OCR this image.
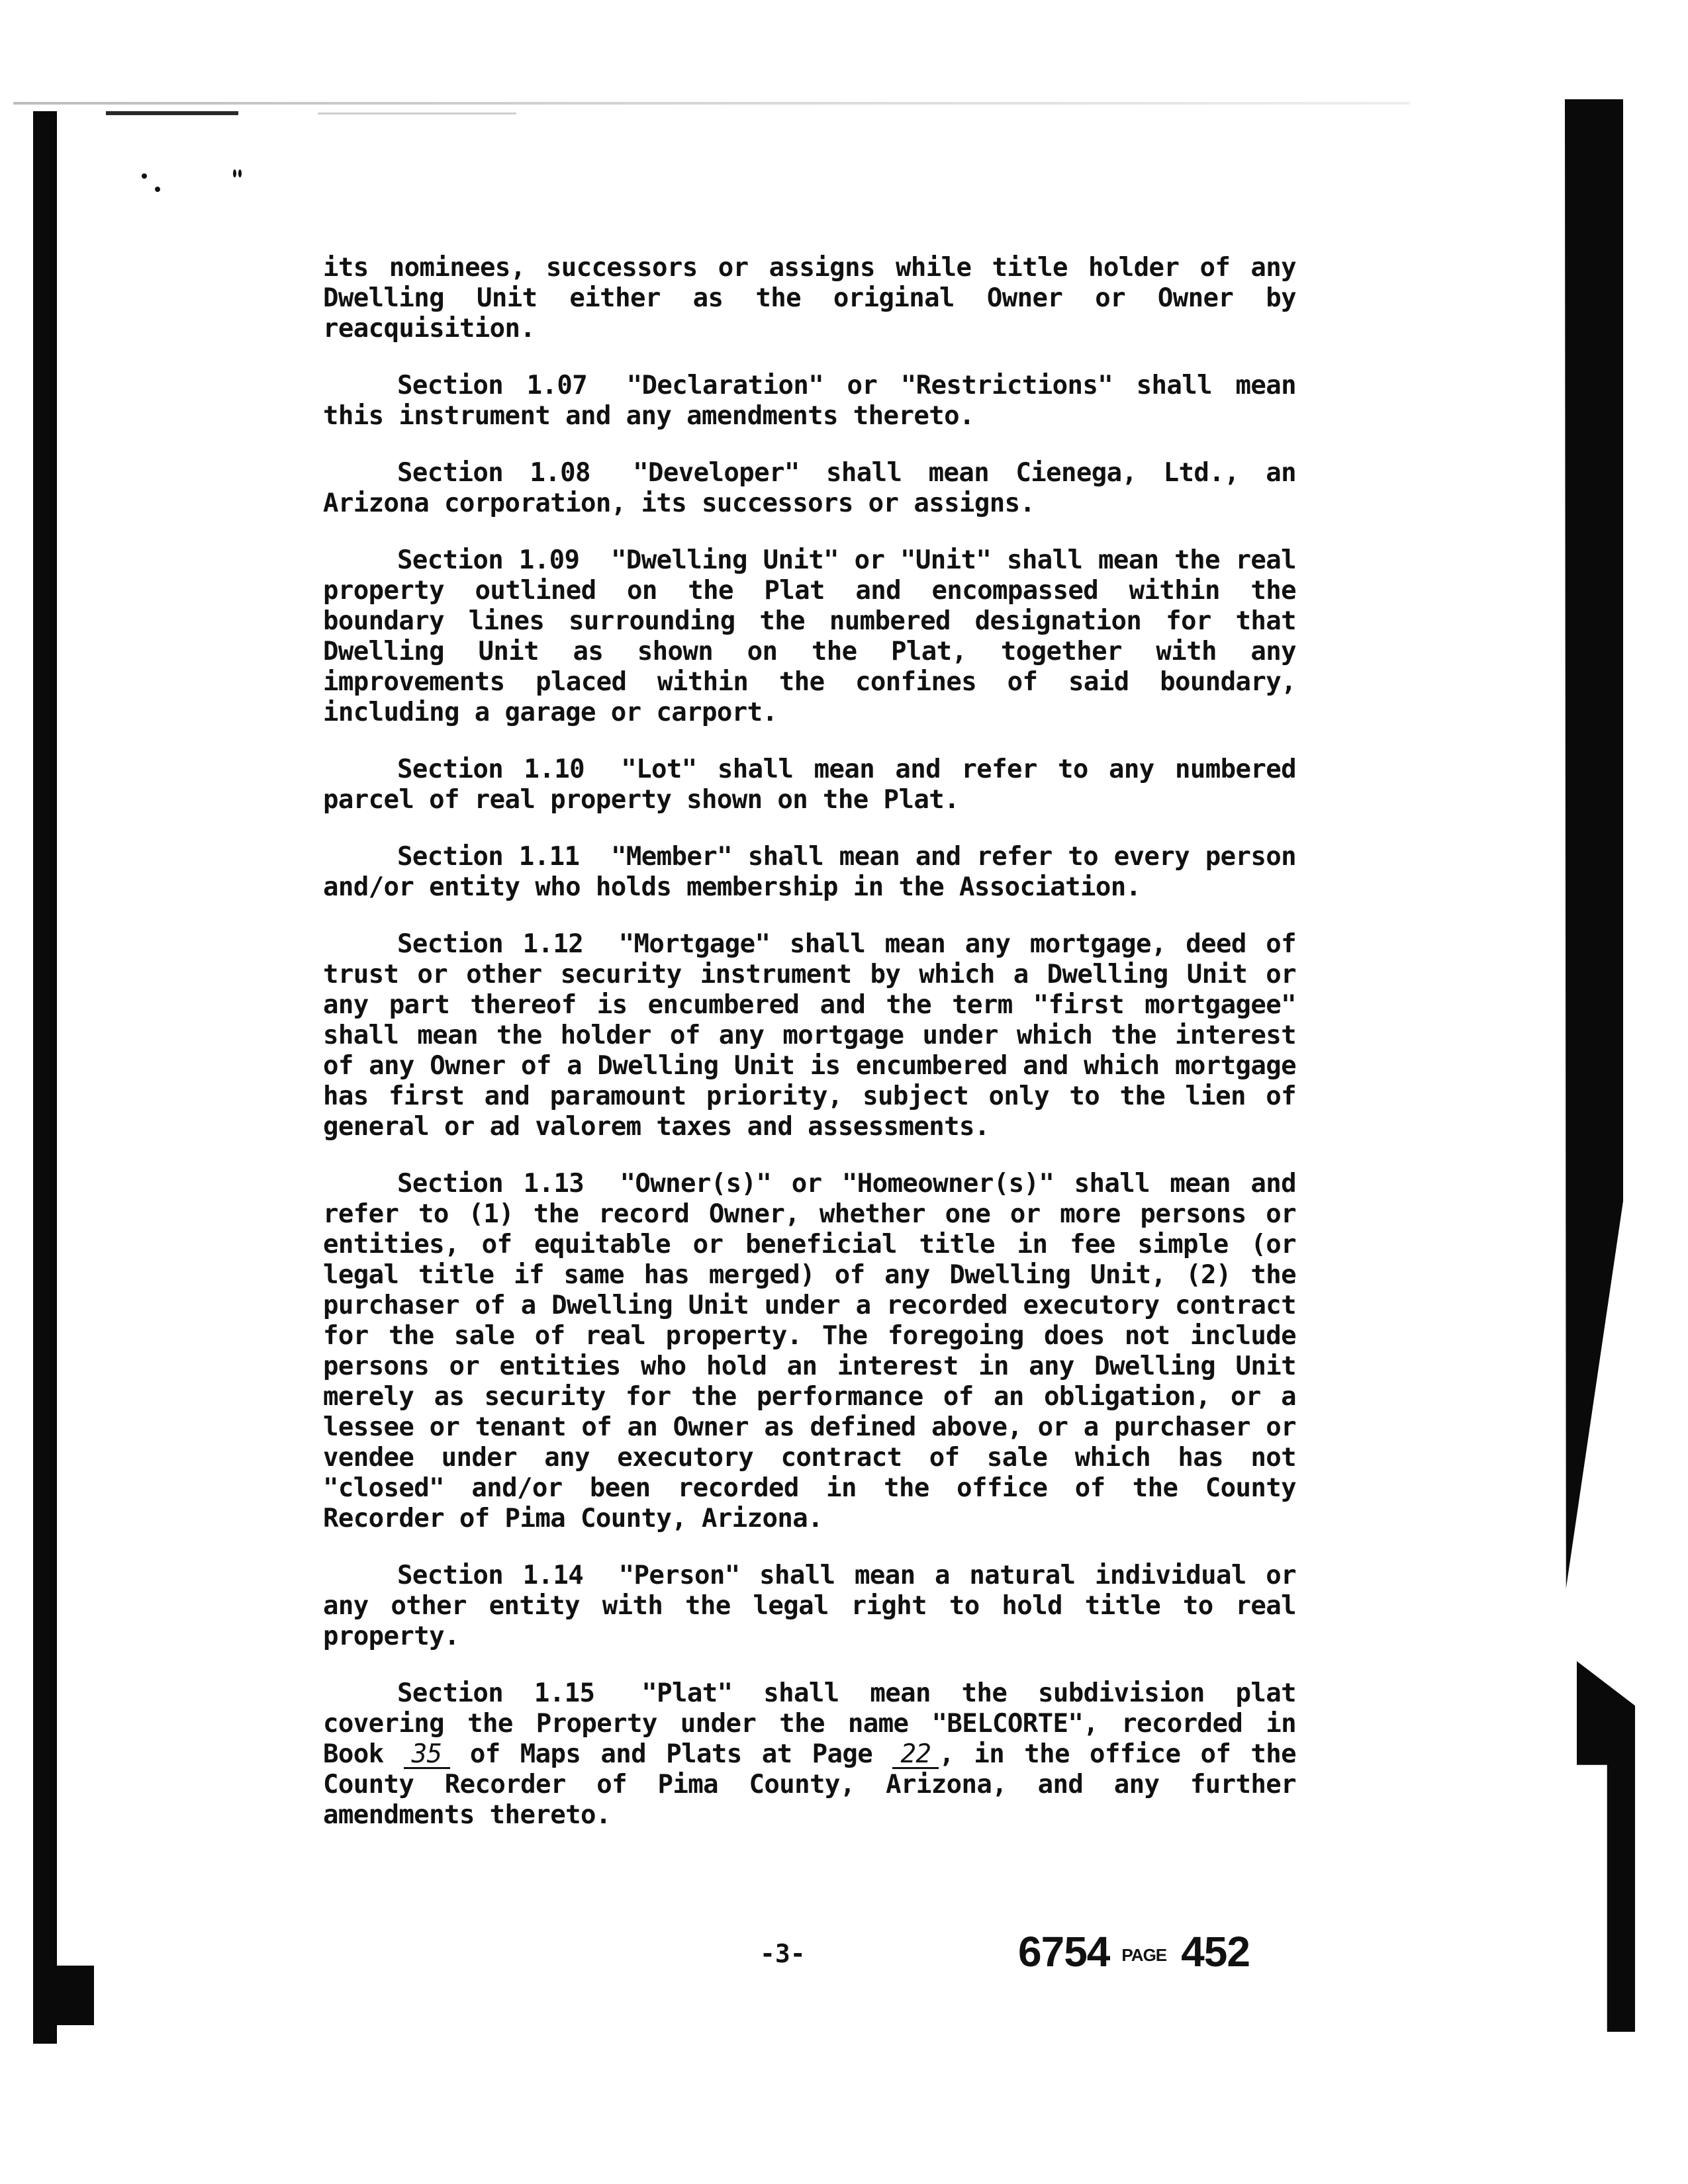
its nominees, successors or assigns while title holder of any Dwelling Unit either as the original Owner or Owner by reacquisition.

Section 1.07 "Declaration" or "Restrictions" shall mean this instrument and any amendments thereto.

Section 1.08 "Developer" shall mean Cienega, Ltd., an Arizona corporation, its successors or assigns.

Section 1.09 "Dwelling Unit" or "Unit" shall mean the real property outlined on the Plat and encompassed within the boundary lines surrounding the numbered designation for that Dwelling Unit as shown on the Plat, together with any improvements placed within the confines of said boundary, including a garage or carport.

Section 1.10 "Lot" shall mean and refer to any numbered parcel of real property shown on the Plat.

Section 1.11 "Member" shall mean and refer to every person and/or entity who holds membership in the Association.

Section 1.12 "Mortgage" shall mean any mortgage, deed of trust or other security instrument by which a Dwelling Unit or any part thereof is encumbered and the term "first mortgagee" shall mean the holder of any mortgage under which the interest of any Owner of a Dwelling Unit is encumbered and which mortgage has first and paramount priority, subject only to the lien of general or ad valorem taxes and assessments.

Section 1.13 "Owner(s)" or "Homeowner(s)" shall mean and refer to (1) the record Owner, whether one or more persons or entities, of equitable or beneficial title in fee simple (or legal title if same has merged) of any Dwelling Unit, (2) the purchaser of a Dwelling Unit under a recorded executory contract for the sale of real property. The foregoing does not include persons or entities who hold an interest in any Dwelling Unit merely as security for the performance of an obligation, or a lessee or tenant of an Owner as defined above, or a purchaser or vendee under any executory contract of sale which has not "closed" and/or been recorded in the office of the County Recorder of Pima County, Arizona.

Section 1.14 "Person" shall mean a natural individual or any other entity with the legal right to hold title to real property.

Section 1.15 "Plat" shall mean the subdivision plat covering the Property under the name "BELCORTE", recorded in Book 35 of Maps and Plats at Page 22 , in the office of the County Recorder of Pima County, Arizona, and any further amendments thereto.

-3-	6754 PAGE 452
